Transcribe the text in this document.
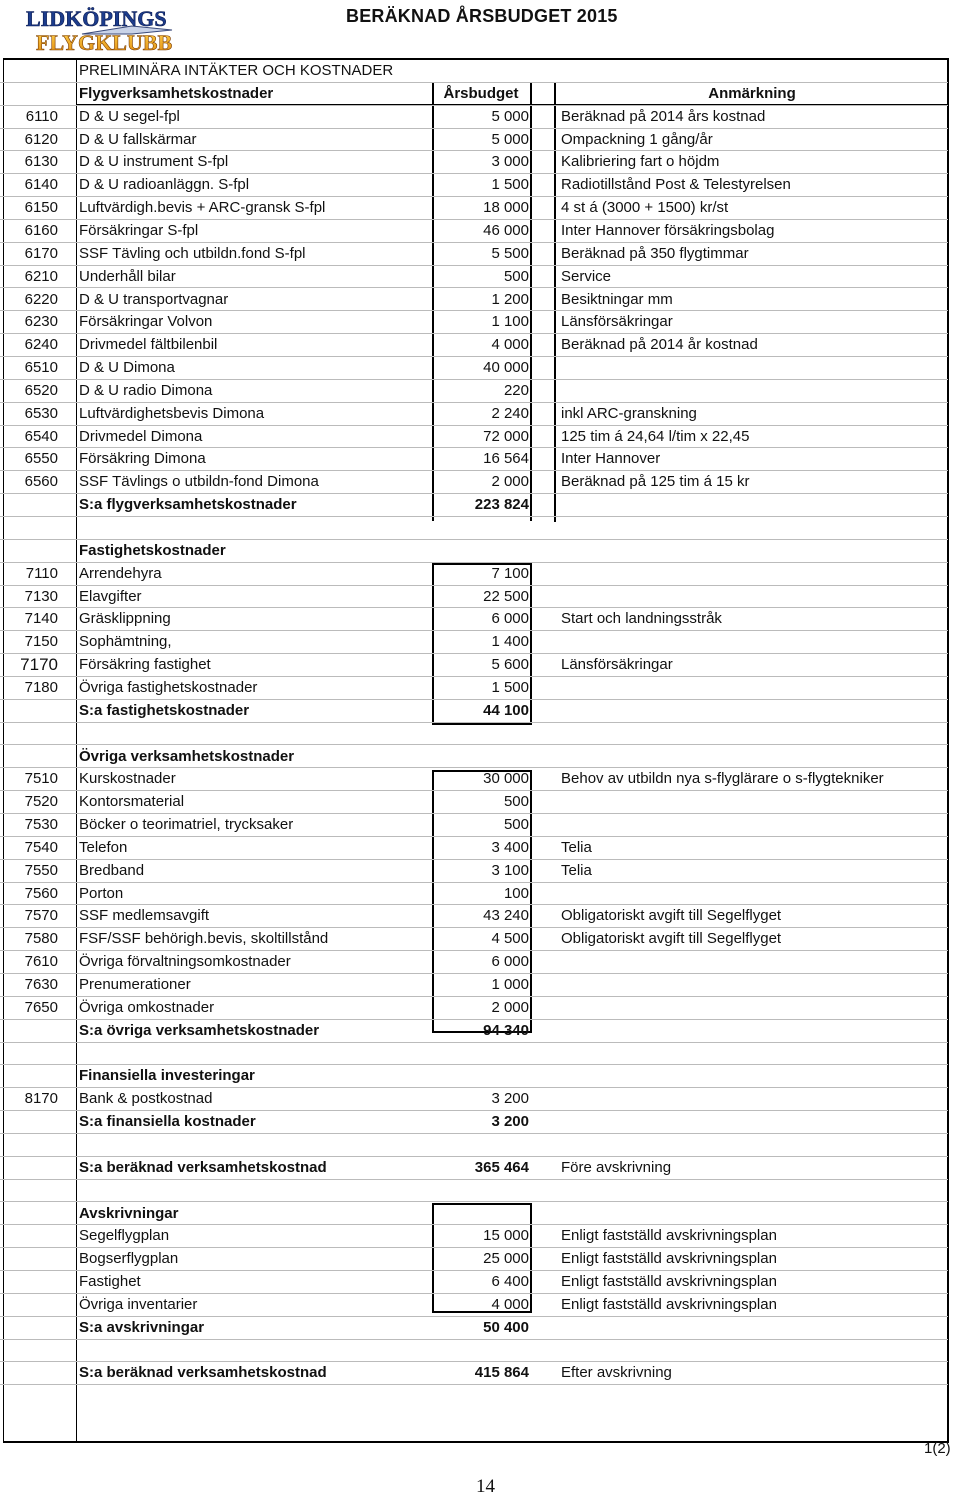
LIDKÖPINGS
FLYGKLUBB
BERÄKNAD ÅRSBUDGET 2015
PRELIMINÄRA INTÄKTER OCH KOSTNADER
Flygverksamhetskostnader	Årsbudget	Anmärkning
6110 D & U segel-fpl	5 000 Beräknad på 2014 års kostnad
6120 D & U fallskärmar	5 000 Ompackning 1 gång/år
6130 D & U instrument S-fpl	3 000 Kalibriering fart o höjdm
6140 D & U radioanläggn. S-fpl	1 500 Radiotillstånd Post & Telestyrelsen
6150 Luftvärdigh.bevis + ARC-gransk S-fpl	18 000 4 st á (3000 + 1500) kr/st
6160 Försäkringar S-fpl	46 000 Inter Hannover försäkringsbolag
6170 SSF Tävling och utbildn.fond S-fpl	5 500 Beräknad på 350 flygtimmar
6210 Underhåll bilar	500 Service
6220 D & U transportvagnar	1 200 Besiktningar mm
6230 Försäkringar Volvon	1 100 Länsförsäkringar
6240 Drivmedel fältbilenbil	4 000 Beräknad på 2014 år kostnad
6510 D & U Dimona	40 000
6520 D & U radio Dimona	220
6530 Luftvärdighetsbevis Dimona	2 240 inkl ARC-granskning
6540 Drivmedel Dimona	72 000 125 tim á 24,64 l/tim x 22,45
6550 Försäkring Dimona	16 564 Inter Hannover
6560 SSF Tävlings o utbildn-fond Dimona	2 000 Beräknad på 125 tim á 15 kr
S:a flygverksamhetskostnader	223 824
Fastighetskostnader
7110 Arrendehyra	7 100
7130 Elavgifter	22 500
7140 Gräsklippning	6 000 Start och landningsstråk
7150 Sophämtning,	1 400
7170 Försäkring fastighet	5 600 Länsförsäkringar
7180 Övriga fastighetskostnader	1 500
S:a fastighetskostnader	44 100
Övriga verksamhetskostnader
7510 Kurskostnader	30 000 Behov av utbildn nya s-flyglärare o s-flygtekniker
7520 Kontorsmaterial	500
7530 Böcker o teorimatriel, trycksaker	500
7540 Telefon	3 400 Telia
7550 Bredband	3 100 Telia
7560 Porton	100
7570 SSF medlemsavgift	43 240 Obligatoriskt avgift till Segelflyget
7580 FSF/SSF behörigh.bevis, skoltillstånd	4 500 Obligatoriskt avgift till Segelflyget
7610 Övriga förvaltningsomkostnader	6 000
7630 Prenumerationer	1 000
7650 Övriga omkostnader	2 000
S:a övriga verksamhetskostnader	94 340
Finansiella investeringar
8170 Bank & postkostnad	3 200
S:a finansiella kostnader	3 200
S:a beräknad verksamhetskostnad	365 464 Före avskrivning
Avskrivningar
Segelflygplan	15 000 Enligt fastställd avskrivningsplan
Bogserflygplan	25 000 Enligt fastställd avskrivningsplan
Fastighet	6 400 Enligt fastställd avskrivningsplan
Övriga inventarier	4 000 Enligt fastställd avskrivningsplan
S:a avskrivningar	50 400
S:a beräknad verksamhetskostnad	415 864 Efter avskrivning
1(2)
14
